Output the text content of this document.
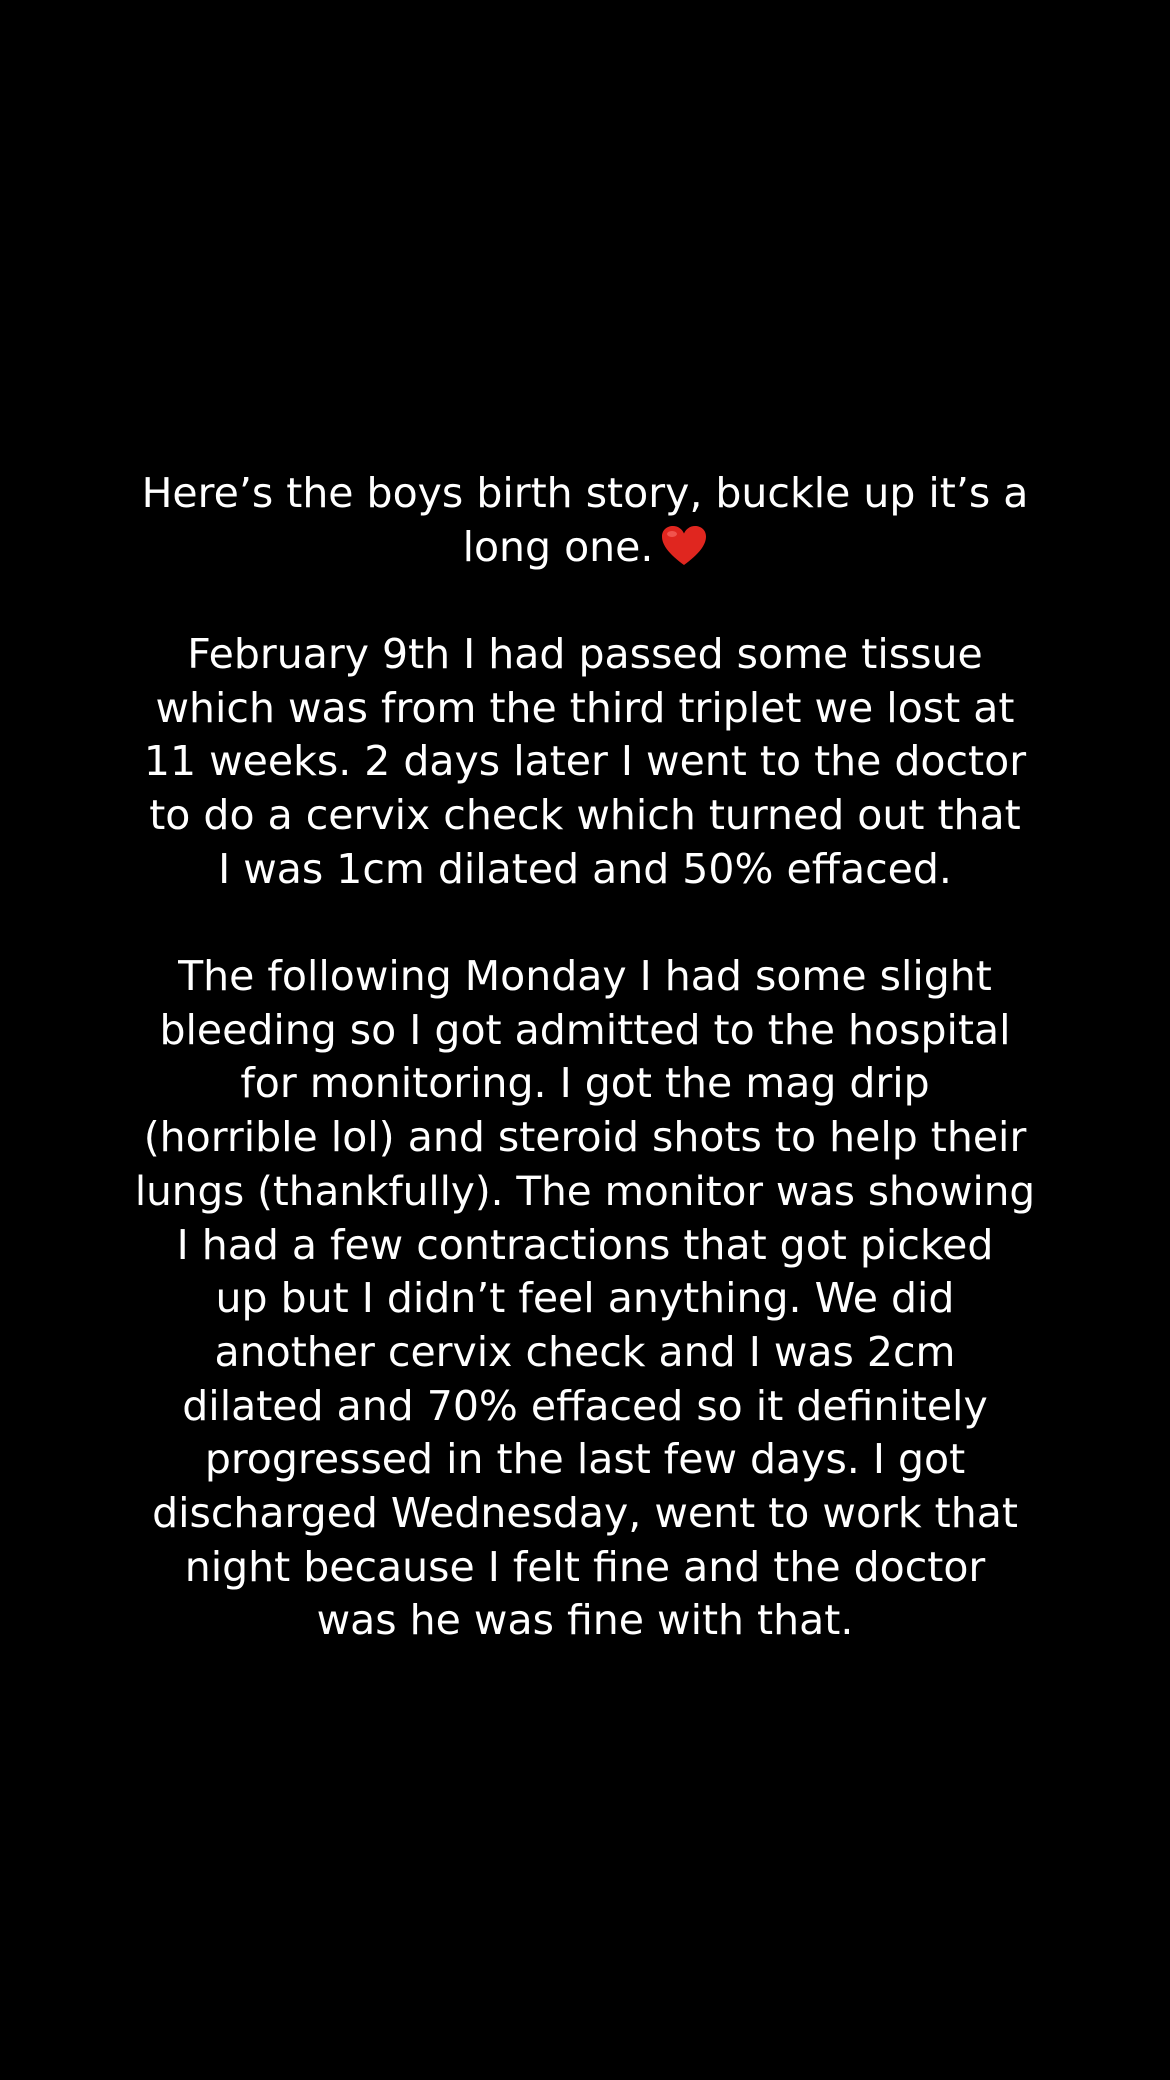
Here’s the boys birth story, buckle up it’s a
long one.
February 9th I had passed some tissue
which was from the third triplet we lost at
11 weeks. 2 days later I went to the doctor
to do a cervix check which turned out that
I was 1cm dilated and 50% effaced.
The following Monday I had some slight
bleeding so I got admitted to the hospital
for monitoring. I got the mag drip
(horrible lol) and steroid shots to help their
lungs (thankfully). The monitor was showing
I had a few contractions that got picked
up but I didn’t feel anything. We did
another cervix check and I was 2cm
dilated and 70% effaced so it definitely
progressed in the last few days. I got
discharged Wednesday, went to work that
night because I felt fine and the doctor
was he was fine with that.
